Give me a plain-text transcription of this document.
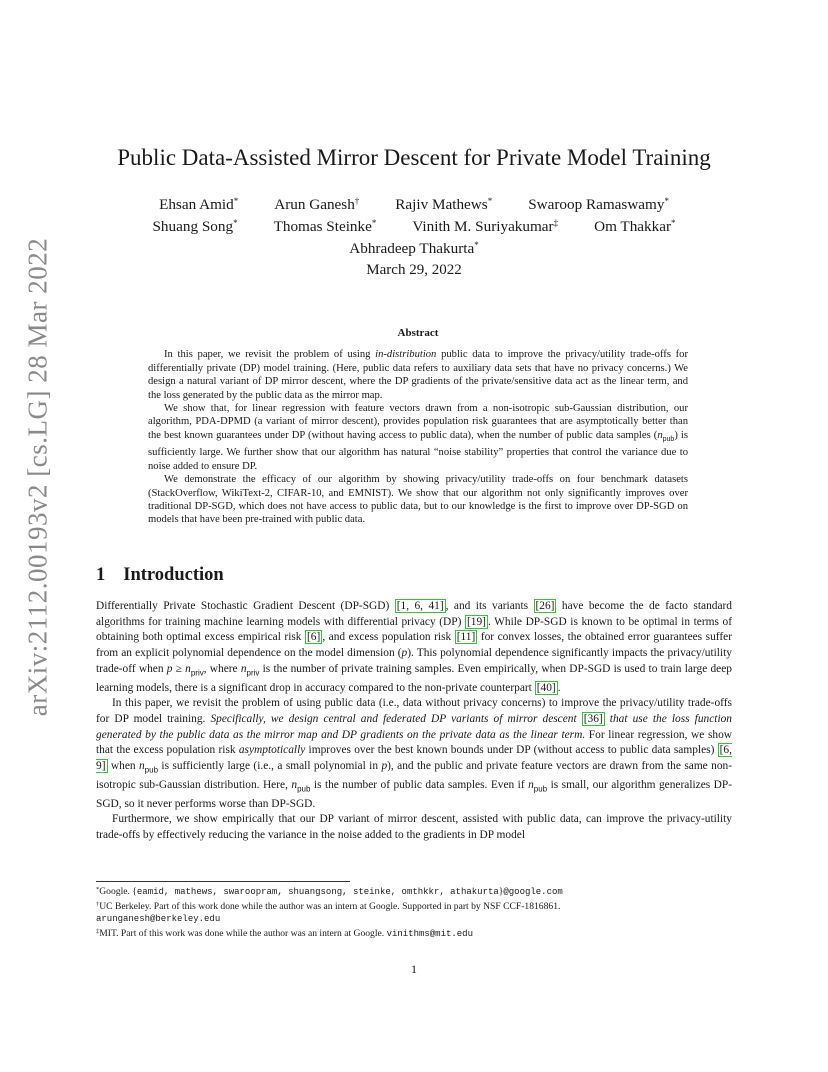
arXiv:2112.00193v2 [cs.LG] 28 Mar 2022
Public Data-Assisted Mirror Descent for Private Model Training
Ehsan Amid* Arun Ganesh† Rajiv Mathews* Swaroop Ramaswamy*
Shuang Song* Thomas Steinke* Vinith M. Suriyakumar‡ Om Thakkar*
Abhradeep Thakurta*
March 29, 2022
Abstract

In this paper, we revisit the problem of using in-distribution public data to improve the privacy/utility trade-offs for differentially private (DP) model training. (Here, public data refers to auxiliary data sets that have no privacy concerns.) We design a natural variant of DP mirror descent, where the DP gradients of the private/sensitive data act as the linear term, and the loss generated by the public data as the mirror map.

We show that, for linear regression with feature vectors drawn from a non-isotropic sub-Gaussian distribution, our algorithm, PDA-DPMD (a variant of mirror descent), provides population risk guarantees that are asymptotically better than the best known guarantees under DP (without having access to public data), when the number of public data samples $(n_{pub})$ is sufficiently large. We further show that our algorithm has natural “noise stability” properties that control the variance due to noise added to ensure DP.

We demonstrate the efficacy of our algorithm by showing privacy/utility trade-offs on four benchmark datasets (StackOverflow, WikiText-2, CIFAR-10, and EMNIST). We show that our algorithm not only significantly improves over traditional DP-SGD, which does not have access to public data, but to our knowledge is the first to improve over DP-SGD on models that have been pre-trained with public data.

1 Introduction

Differentially Private Stochastic Gradient Descent (DP-SGD) [1, 6, 41] , and its variants [26] have become the de facto standard algorithms for training machine learning models with differential privacy (DP) [19] . While DP-SGD is known to be optimal in terms of obtaining both optimal excess empirical risk [6] , and excess population risk [11] for convex losses, the obtained error guarantees suffer from an explicit polynomial dependence on the model dimension (p). This polynomial dependence significantly impacts the privacy/utility trade-off when $p \ge n_{priv}$, where $n_{priv}$ is the number of private training samples. Even empirically, when DP-SGD is used to train large deep learning models, there is a significant drop in accuracy compared to the non-private counterpart [40] .

In this paper, we revisit the problem of using public data (i.e., data without privacy concerns) to improve the privacy/utility trade-offs for DP model training. Specifically, we design central and federated DP variants of mirror descent [36] that use the loss function generated by the public data as the mirror map and DP gradients on the private data as the linear term. For linear regression, we show that the excess population risk asymptotically improves over the best known bounds under DP (without access to public data samples) [6, 9] when $n_{pub}$ is sufficiently large (i.e., a small polynomial in p), and the public and private feature vectors are drawn from the same non-isotropic sub-Gaussian distribution. Here, $n_{pub}$ is the number of public data samples. Even if $n_{pub}$ is small, our algorithm generalizes DP-SGD, so it never performs worse than DP-SGD.

Furthermore, we show empirically that our DP variant of mirror descent, assisted with public data, can improve the privacy-utility trade-offs by effectively reducing the variance in the noise added to the gradients in DP model

*Google. {eamid, mathews, swaroopram, shuangsong, steinke, omthkkr, athakurta}@google.com

†UC Berkeley. Part of this work done while the author was an intern at Google. Supported in part by NSF CCF-1816861.
arunganesh@berkeley.edu

‡MIT. Part of this work was done while the author was an intern at Google. vinithms@mit.edu

1
